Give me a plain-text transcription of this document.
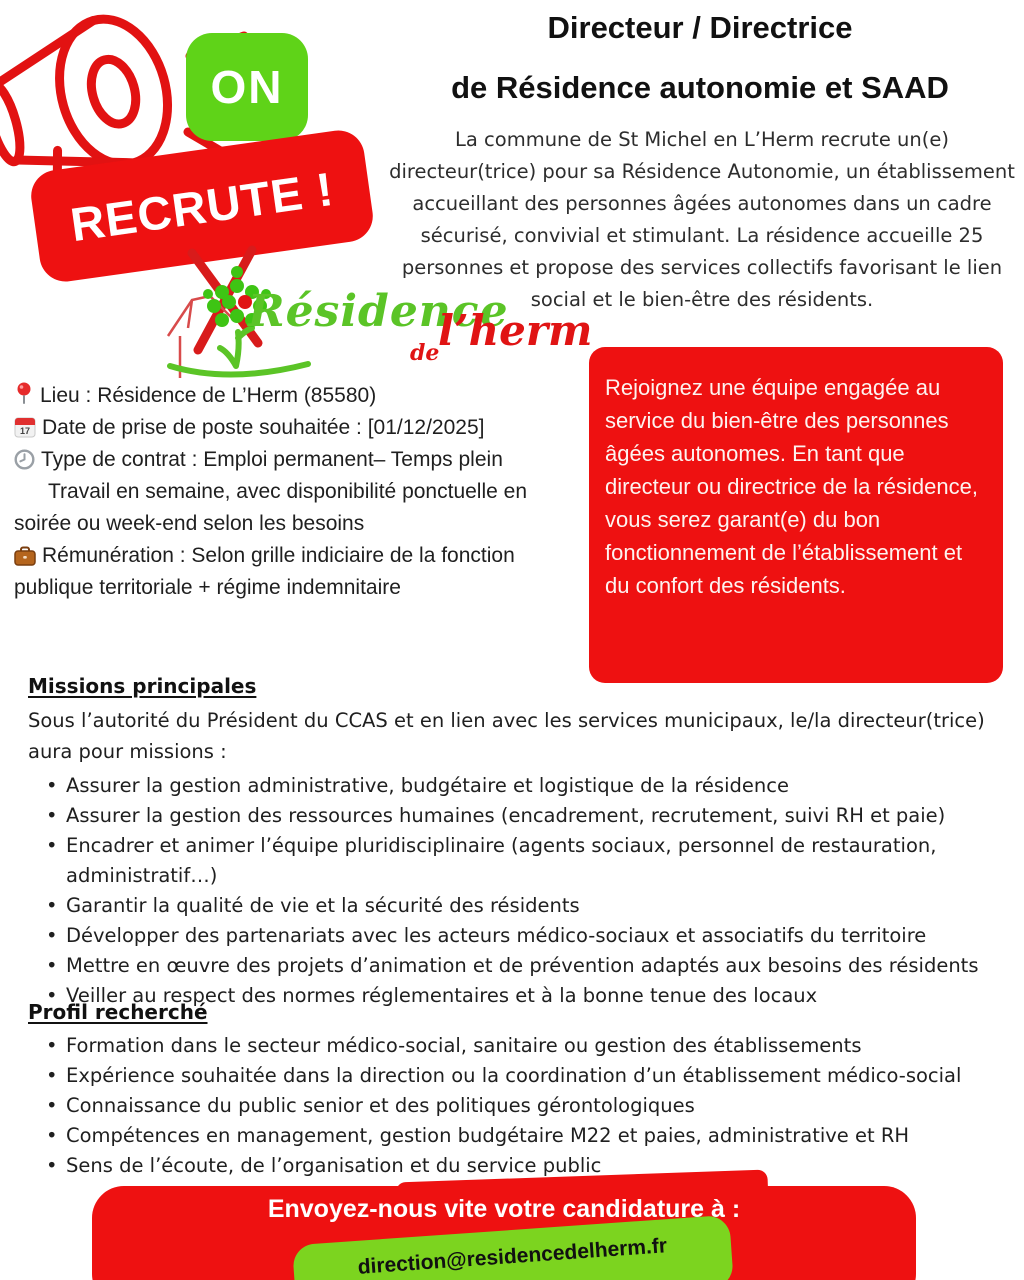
ON
RECRUTE !
Directeur / Directrice
de Résidence autonomie et SAAD
La commune de St Michel en L’Herm recrute un(e) directeur(trice) pour sa Résidence Autonomie, un établissement accueillant des personnes âgées autonomes dans un cadre sécurisé, convivial et stimulant. La résidence accueille 25 personnes et propose des services collectifs favorisant le lien social et le bien-être des résidents.
Résidence
de
l’herm
Lieu : Résidence de L’Herm (85580)
17 Date de prise de poste souhaitée : [01/12/2025]
Type de contrat : Emploi permanent– Temps plein
Travail en semaine, avec disponibilité ponctuelle en soirée ou week-end selon les besoins
Rémunération : Selon grille indiciaire de la fonction publique territoriale + régime indemnitaire
Rejoignez une équipe engagée au service du bien-être des personnes âgées autonomes. En tant que directeur ou directrice de la résidence, vous serez garant(e) du bon fonctionnement de l’établissement et du confort des résidents.
Missions principales

Sous l’autorité du Président du CCAS et en lien avec les services municipaux, le/la directeur(trice) aura pour missions :

• Assurer la gestion administrative, budgétaire et logistique de la résidence
• Assurer la gestion des ressources humaines (encadrement, recrutement, suivi RH et paie)
• Encadrer et animer l’équipe pluridisciplinaire (agents sociaux, personnel de restauration, administratif…)
• Garantir la qualité de vie et la sécurité des résidents
• Développer des partenariats avec les acteurs médico-sociaux et associatifs du territoire
• Mettre en œuvre des projets d’animation et de prévention adaptés aux besoins des résidents
• Veiller au respect des normes réglementaires et à la bonne tenue des locaux
Profil recherché
• Formation dans le secteur médico-social, sanitaire ou gestion des établissements
• Expérience souhaitée dans la direction ou la coordination d’un établissement médico-social
• Connaissance du public senior et des politiques gérontologiques
• Compétences en management, gestion budgétaire M22 et paies, administrative et RH
• Sens de l’écoute, de l’organisation et du service public
Envoyez-nous vite votre candidature à :
direction@residencedelherm.fr
